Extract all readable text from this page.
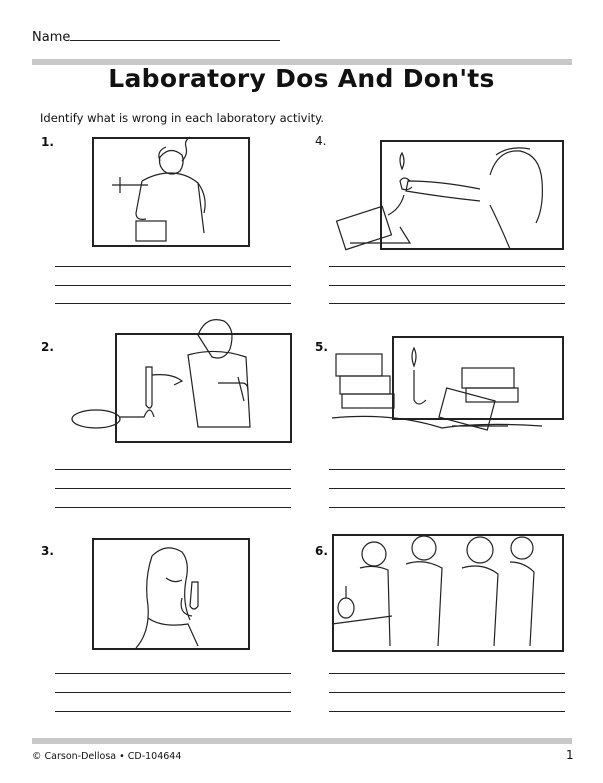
Name
Laboratory Dos And Don'ts
Identify what is wrong in each laboratory activity.
1.	4.
2.	5.
3.	6.
© Carson-Dellosa • CD-104644	1
